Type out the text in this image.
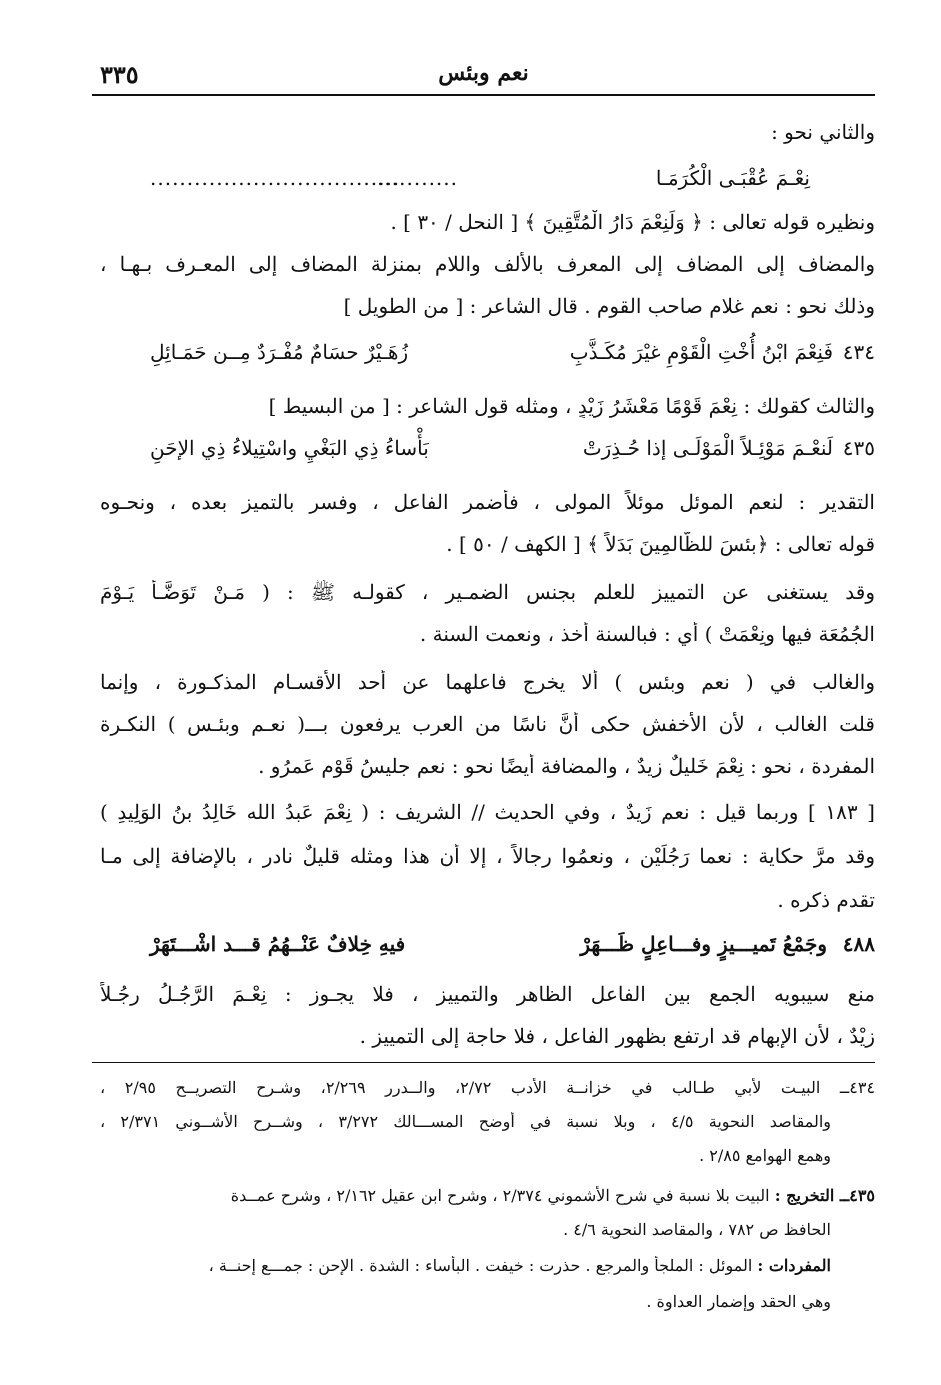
٣٣٥	نعم وبئس
والثاني نحو :
نِعْـمَ عُقْبَـى الْكُرَمَـا
...........
..................................
ونظيره قوله تعالى : ﴿ وَلَنِعْمَ دَارُ الْمُتَّقِينَ ﴾ [ النحل / ٣٠ ] .
والمضاف إلى المضاف إلى المعرف بالألف واللام بمنزلة المضاف إلى المعـرف بـهـا ،
وذلك نحو : نعم غلام صاحب القوم . قال الشاعر : [ من الطويل ]
٤٣٤
فَنِعْمَ ابْنُ أُخْتِ الْقَوْمِ غيْرَ مُكَـذَّبِ
زُهَـيْرٌ حسَامٌ مُفْـرَدٌ مِــن حَمَـائِلِ
والثالث كقولك : نِعْمَ قَوْمًا مَعْشَرُ زَيْدٍ ، ومثله قول الشاعر : [ من البسيط ]
٤٣٥
لَنعْـمَ مَوْئِـلاً الْمَوْلَـى إذا حُـذِرَتْ
بَأْساءُ ذِي البَغْيِ واسْتِيلاءُ ذِي الإحَنِ
التقدير : لنعم الموئل موئلاً المولى ، فأضمر الفاعل ، وفسر بالتميز بعده ، ونحـوه
قوله تعالى : ﴿بئسَ للظَّالمِينَ بَدَلاً ﴾ [ الكهف / ٥٠ ] .
وقد يستغنى عن التمييز للعلم بجنس الضمـير ، كقولـه ﷺ : ( مَـنْ تَوَضَّـأَ يَـوْمَ
الجُمُعَة فيها ونِعْمَتْ ) أي : فبالسنة أخذ ، ونعمت السنة .
والغالب في ( نعم وبئس ) ألا يخرج فاعلهما عن أحد الأقسـام المذكـورة ، وإنما
قلت الغالب ، لأن الأخفش حكى أنَّ ناسًا من العرب يرفعون بـــ( نعـم وبئـس ) النكـرة
المفردة ، نحو : نِعْمَ خَليلٌ زيدٌ ، والمضافة أيضًا نحو : نعم جليسُ قَوْمٍ عَمرُو .
[ ١٨٣ ] وربما قيل : نعم زَيدٌ ، وفي الحديث // الشريف : ( نِعْمَ عَبدُ الله خَالِدُ بنُ الوَلِيدِ )
وقد مرَّ حكاية : نعما رَجُلَيْن ، ونعمُوا رجالاً ، إلا أن هذا ومثله قليلٌ نادر ، بالإضافة إلى مـا
تقدم ذكره .
٤٨٨
وجَمْعُ تَميـــيزٍ وفـــاعِلٍ ظَـــهَرْ
فيهِ خِلافٌ عَنْــهُمُ قـــد اشْـــتَهَرْ
منع سيبويه الجمع بين الفاعل الظاهر والتمييز ، فلا يجـوز : نِعْـمَ الرَّجُـلُ رجُـلاً
زيْدٌ ، لأن الإبهام قد ارتفع بظهور الفاعل ، فلا حاجة إلى التمييز .
٤٣٤ــ البيـت لأبي طـالب في خزانــة الأدب ٢/٧٢، والــدرر ٢/٢٦٩، وشـرح التصريــح ٢/٩٥ ،
والمقاصد النحوية ٤/٥ ، وبلا نسبة في أوضح المســـالك ٣/٢٧٢ ، وشــرح الأشــوني ٢/٣٧١ ،
وهمع الهوامع ٢/٨٥ .
٤٣٥ــ التخريج : البيت بلا نسبة في شرح الأشموني ٢/٣٧٤ ، وشرح ابن عقيل ٢/١٦٢ ، وشرح عمــدة
الحافظ ص ٧٨٢ ، والمقاصد النحوية ٤/٦ .
المفردات : الموئل : الملجأ والمرجع . حذرت : خيفت . البأساء : الشدة . الإحن : جمـــع إحنــة ،
وهي الحقد وإضمار العداوة .
